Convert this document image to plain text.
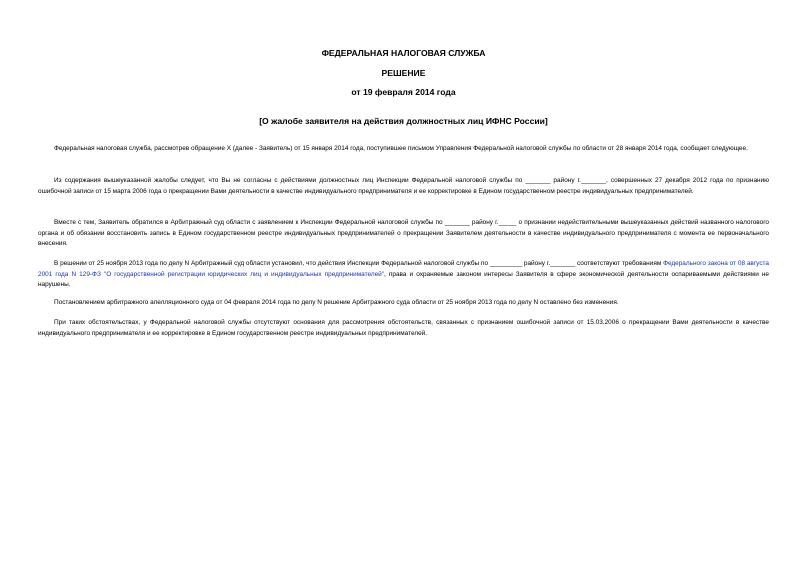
ФЕДЕРАЛЬНАЯ НАЛОГОВАЯ СЛУЖБА
РЕШЕНИЕ
от 19 февраля 2014 года
[О жалобе заявителя на действия должностных лиц ИФНС России]

Федеральная налоговая служба, рассмотрев обращение Х (далее - Заявитель) от 15 января 2014 года, поступившее письмом Управления Федеральной налоговой службы по области от 28 января 2014 года, сообщает следующее.

Из содержания вышеуказанной жалобы следует, что Вы не согласны с действиями должностных лиц Инспекции Федеральной налоговой службы по _______ району г._______, совершенных 27 декабря 2012 года по признанию ошибочной записи от 15 марта 2006 года о прекращении Вами деятельности в качестве индивидуального предпринимателя и ее корректировке в Едином государственном реестре индивидуальных предпринимателей.

Вместе с тем, Заявитель обратился в Арбитражный суд области с заявлением к Инспекции Федеральной налоговой службы по _______ району г._____ о признании недействительными вышеуказанных действий названного налогового органа и об обязании восстановить запись в Едином государственном реестре индивидуальных предпринимателей о прекращении Заявителем деятельности в качестве индивидуального предпринимателя с момента ее первоначального внесения.

В решении от 25 ноября 2013 года по делу N Арбитражный суд области установил, что действия Инспекции Федеральной налоговой службы по _________ району г._______ соответствуют требованиям Федерального закона от 08 августа 2001 года N 129-ФЗ "О государственной регистрации юридических лиц и индивидуальных предпринимателей", права и охраняемые законом интересы Заявителя в сфере экономической деятельности оспариваемыми действиями не нарушены.

Постановлением арбитражного апелляционного суда от 04 февраля 2014 года по делу N решение Арбитражного суда области от 25 ноября 2013 года по делу N оставлено без изменения.

При таких обстоятельствах, у Федеральной налоговой службы отсутствуют основания для рассмотрения обстоятельств, связанных с признанием ошибочной записи от 15.03.2006 о прекращении Вами деятельности в качестве индивидуального предпринимателя и ее корректировке в Едином государственном реестре индивидуальных предпринимателей.
